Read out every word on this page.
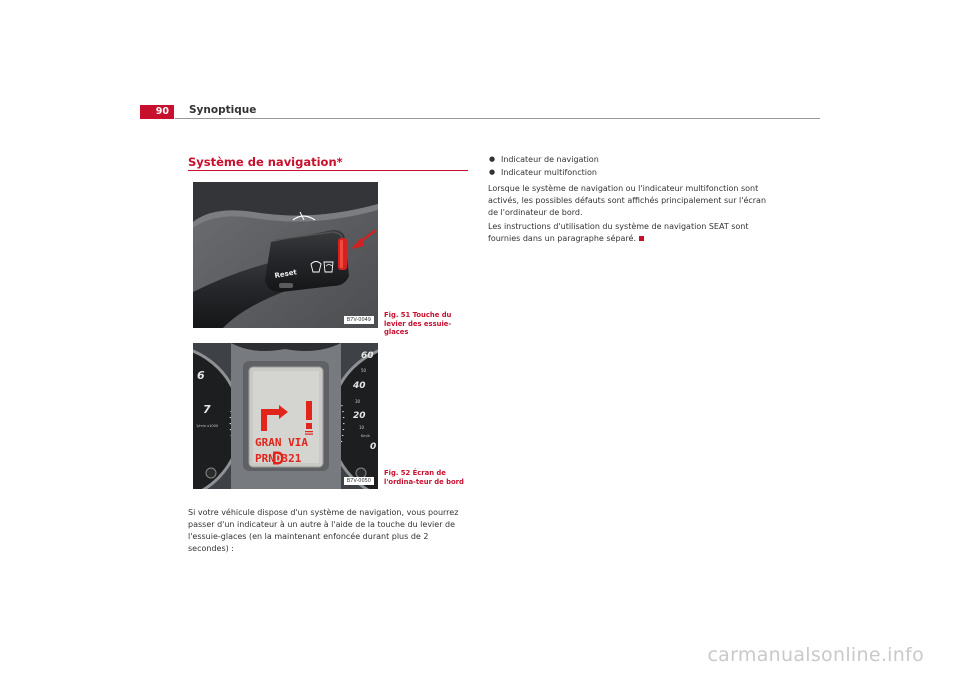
90	Synoptique
Système de navigation*
Reset
B7V-0049
Fig. 51 Touche du levier des essuie-glaces
GRAN VIA
PRND321
6
7
1/min x1000
60
50
40
30
20
10
0
Km/h
B7V-0050
Fig. 52 Écran de l'ordina-teur de bord

Si votre véhicule dispose d'un système de navigation, vous pourrez passer d'un indicateur à un autre à l'aide de la touche du levier de l'essuie-glaces (en la maintenant enfoncée durant plus de 2 secondes) :

● Indicateur de navigation
● Indicateur multifonction

Lorsque le système de navigation ou l'indicateur multifonction sont activés, les possibles défauts sont affichés principalement sur l'écran de l'ordinateur de bord.

Les instructions d'utilisation du système de navigation SEAT sont fournies dans un paragraphe séparé.

carmanualsonline.info
